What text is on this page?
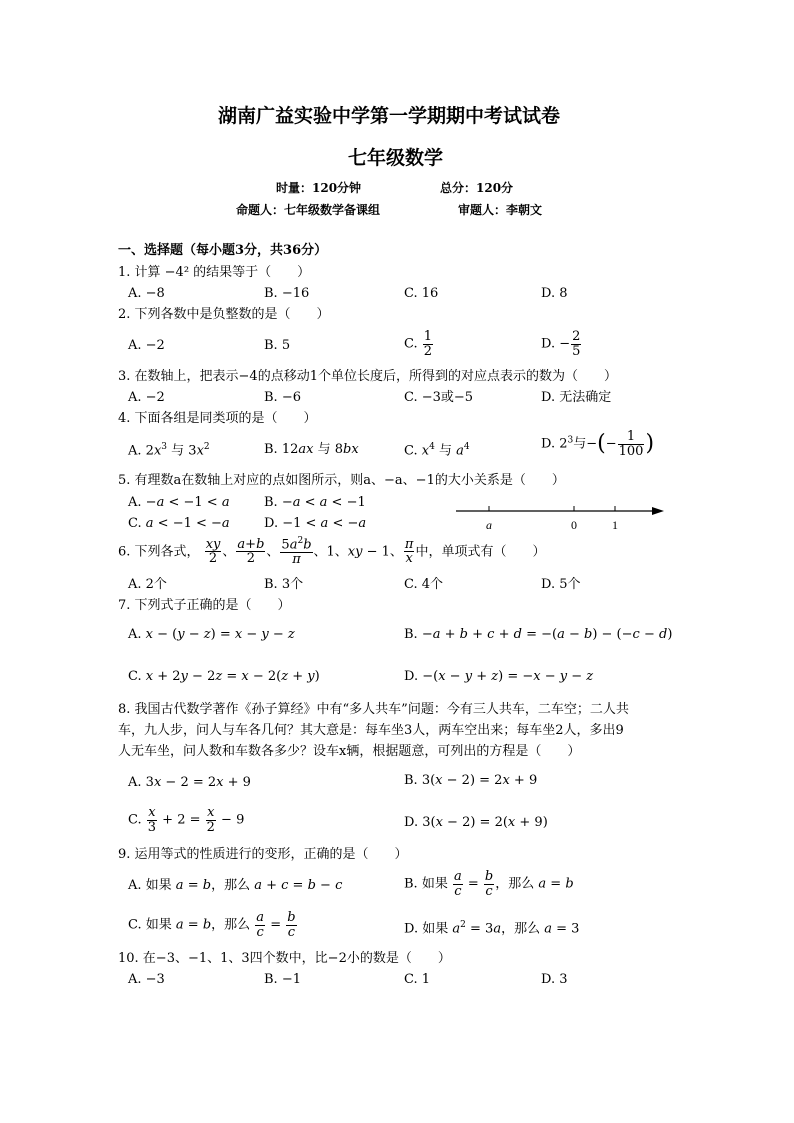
湖南广益实验中学第一学期期中考试试卷
七年级数学
时量：120分钟	总分：120分
命题人：七年级数学备课组	审题人：李朝文
一、选择题（每小题3分，共36分）
1. 计算 −4² 的结果等于（　　）
A. −8	B. −16	C. 16	D. 8
2. 下列各数中是负整数的是（　　）
A. −2	B. 5	C. $\frac{1}{2}$	D. − $\frac{2}{5}$
3. 在数轴上，把表示−4的点移动1个单位长度后，所得到的对应点表示的数为（　　）
A. −2	B. −6	C. −3或−5	D. 无法确定
4. 下面各组是同类项的是（　　）
A. $2x^3$ 与 $3x^2$	B. 12ax 与 8bx	C. $x^4$ 与 $a^4$	D. $2^3$与−(− $\frac{1}{100}$ )
5. 有理数a在数轴上对应的点如图所示，则a、−a、−1的大小关系是（　　）
A. −a < −1 < a	B. −a < a < −1
C. a < −1 < −a	D. −1 < a < −a	a	0	1
6. 下列各式， $\frac{xy}{2}$ 、 $\frac{a+b}{2}$ 、 $\frac{5a^2b}{\pi}$ 、1、xy − 1、 $\frac{\pi}{x}$ 中，单项式有（　　）
A. 2个	B. 3个	C. 4个	D. 5个
7. 下列式子正确的是（　　）
A. x − (y − z) = x − y − z	B. −a + b + c + d = −(a − b) − (−c − d)
C. x + 2y − 2z = x − 2(z + y)	D. −(x − y + z) = −x − y − z
8. 我国古代数学著作《孙子算经》中有“多人共车”问题：今有三人共车，二车空；二人共
车，九人步，问人与车各几何？其大意是：每车坐3人，两车空出来；每车坐2人，多出9
人无车坐，问人数和车数各多少？设车x辆，根据题意，可列出的方程是（　　）
A. 3x − 2 = 2x + 9	B. 3(x − 2) = 2x + 9
C. $\frac{x}{3} + 2 = \frac{x}{2} - 9$	D. 3(x − 2) = 2(x + 9)
9. 运用等式的性质进行的变形，正确的是（　　）
A. 如果 a = b，那么 a + c = b − c	B. 如果 $\frac{a}{c} = \frac{b}{c}$ ，那么 a = b
C. 如果 a = b，那么 $\frac{a}{c} = \frac{b}{c}$	D. 如果 $a^2 = 3a$，那么 a = 3
10. 在−3、−1、1、3四个数中，比−2小的数是（　　）
A. −3	B. −1	C. 1	D. 3
